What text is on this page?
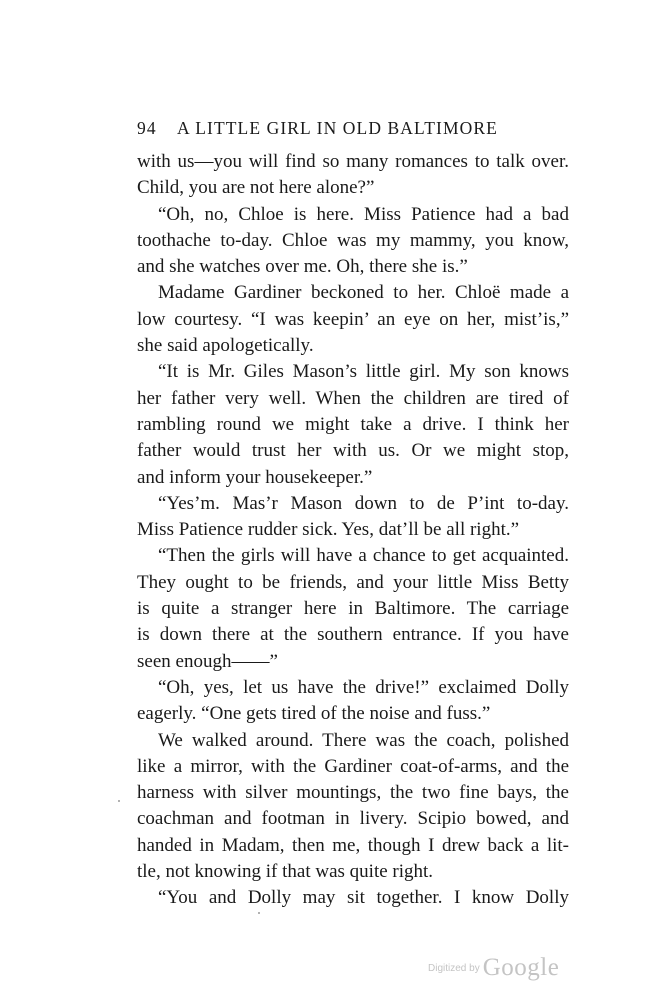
94 A LITTLE GIRL IN OLD BALTIMORE
with us—you will find so many romances to talk over.
Child, you are not here alone?”
“Oh, no, Chloe is here. Miss Patience had a bad
toothache to-day. Chloe was my mammy, you know,
and she watches over me. Oh, there she is.”
Madame Gardiner beckoned to her. Chloë made a
low courtesy. “I was keepin’ an eye on her, mist’is,”
she said apologetically.
“It is Mr. Giles Mason’s little girl. My son knows
her father very well. When the children are tired of
rambling round we might take a drive. I think her
father would trust her with us. Or we might stop,
and inform your housekeeper.”
“Yes’m. Mas’r Mason down to de P’int to-day.
Miss Patience rudder sick. Yes, dat’ll be all right.”
“Then the girls will have a chance to get acquainted.
They ought to be friends, and your little Miss Betty
is quite a stranger here in Baltimore. The carriage
is down there at the southern entrance. If you have
seen enough——”
“Oh, yes, let us have the drive!” exclaimed Dolly
eagerly. “One gets tired of the noise and fuss.”
We walked around. There was the coach, polished
like a mirror, with the Gardiner coat-of-arms, and the
harness with silver mountings, the two fine bays, the
coachman and footman in livery. Scipio bowed, and
handed in Madam, then me, though I drew back a lit-
tle, not knowing if that was quite right.
“You and Dolly may sit together. I know Dolly
$^{Digitized by}$ Google
